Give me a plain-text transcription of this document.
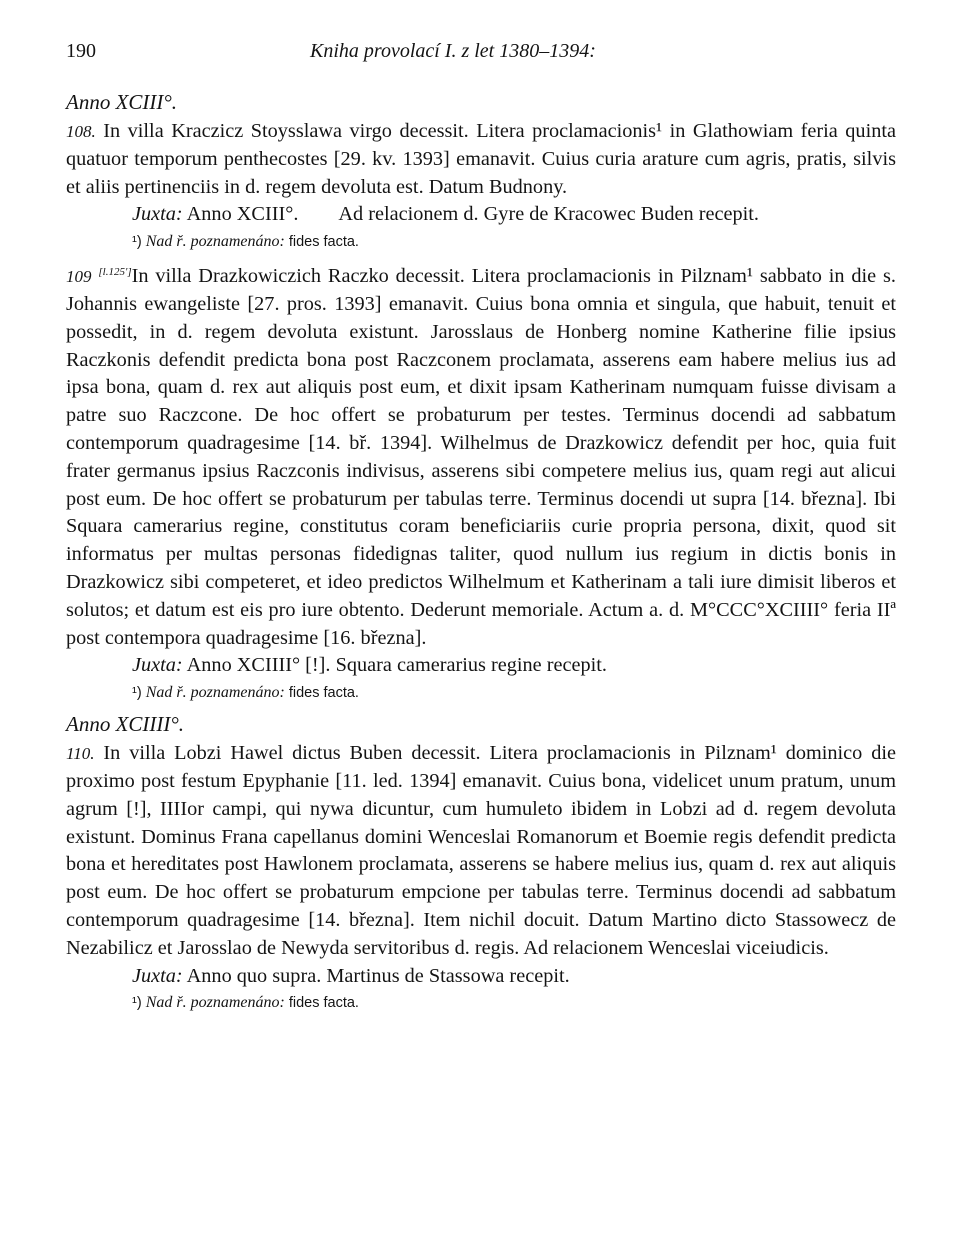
190	Kniha provolací I. z let 1380–1394:
Anno XCIII°.

108. In villa Kraczicz Stoysslawa virgo decessit. Litera proclamacionis¹ in Glathowiam feria quinta quatuor temporum penthecostes [29. kv. 1393] emanavit. Cuius curia arature cum agris, pratis, silvis et aliis pertinenciis in d. regem devoluta est. Datum Budnony.

Juxta: Anno XCIII°. Ad relacionem d. Gyre de Kracowec Buden recepit.
¹) Nad ř. poznamenáno: fides facta.

109 [l.125']In villa Drazkowiczich Raczko decessit. Litera proclamacionis in Pilznam¹ sabbato in die s. Johannis ewangeliste [27. pros. 1393] emanavit. Cuius bona omnia et singula, que habuit, tenuit et possedit, in d. regem devoluta existunt. Jarosslaus de Honberg nomine Katherine filie ipsius Raczkonis defendit predicta bona post Raczconem proclamata, asserens eam habere melius ius ad ipsa bona, quam d. rex aut aliquis post eum, et dixit ipsam Katherinam numquam fuisse divisam a patre suo Raczcone. De hoc offert se probaturum per testes. Terminus docendi ad sabbatum contemporum quadragesime [14. bř. 1394]. Wilhelmus de Drazkowicz defendit per hoc, quia fuit frater germanus ipsius Raczconis indivisus, asserens sibi competere melius ius, quam regi aut alicui post eum. De hoc offert se probaturum per tabulas terre. Terminus docendi ut supra [14. března]. Ibi Squara camerarius regine, constitutus coram beneficiariis curie propria persona, dixit, quod sit informatus per multas personas fidedignas taliter, quod nullum ius regium in dictis bonis in Drazkowicz sibi competeret, et ideo predictos Wilhelmum et Katherinam a tali iure dimisit liberos et solutos; et datum est eis pro iure obtento. Dederunt memoriale. Actum a. d. M°CCC°XCIIII° feria IIª post contempora quadragesime [16. března].

Juxta: Anno XCIIII° [!]. Squara camerarius regine recepit.
¹) Nad ř. poznamenáno: fides facta.
Anno XCIIII°.

110. In villa Lobzi Hawel dictus Buben decessit. Litera proclamacionis in Pilznam¹ dominico die proximo post festum Epyphanie [11. led. 1394] emanavit. Cuius bona, videlicet unum pratum, unum agrum [!], IIIIor campi, qui nywa dicuntur, cum humuleto ibidem in Lobzi ad d. regem devoluta existunt. Dominus Frana capellanus domini Wenceslai Romanorum et Boemie regis defendit predicta bona et hereditates post Hawlonem proclamata, asserens se habere melius ius, quam d. rex aut aliquis post eum. De hoc offert se probaturum empcione per tabulas terre. Terminus docendi ad sabbatum contemporum quadragesime [14. března]. Item nichil docuit. Datum Martino dicto Stassowecz de Nezabilicz et Jarosslao de Newyda servitoribus d. regis. Ad relacionem Wenceslai viceiudicis.

Juxta: Anno quo supra. Martinus de Stassowa recepit.
¹) Nad ř. poznamenáno: fides facta.
